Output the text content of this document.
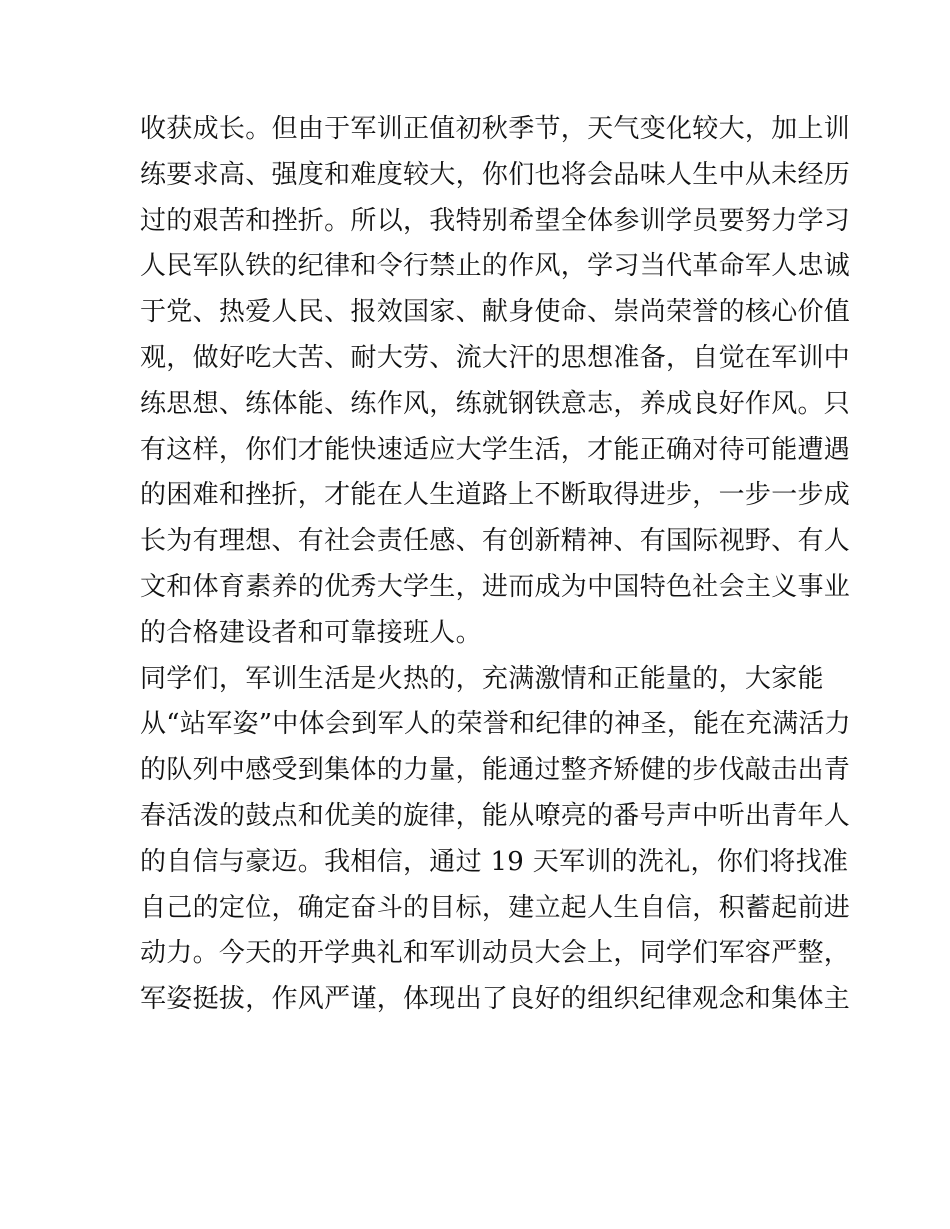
收获成长。但由于军训正值初秋季节，天气变化较大，加上训
练要求高、强度和难度较大，你们也将会品味人生中从未经历
过的艰苦和挫折。所以，我特别希望全体参训学员要努力学习
人民军队铁的纪律和令行禁止的作风，学习当代革命军人忠诚
于党、热爱人民、报效国家、献身使命、崇尚荣誉的核心价值
观，做好吃大苦、耐大劳、流大汗的思想准备，自觉在军训中
练思想、练体能、练作风，练就钢铁意志，养成良好作风。只
有这样，你们才能快速适应大学生活，才能正确对待可能遭遇
的困难和挫折，才能在人生道路上不断取得进步，一步一步成
长为有理想、有社会责任感、有创新精神、有国际视野、有人
文和体育素养的优秀大学生，进而成为中国特色社会主义事业
的合格建设者和可靠接班人。
同学们，军训生活是火热的，充满激情和正能量的，大家能
从“站军姿”中体会到军人的荣誉和纪律的神圣，能在充满活力
的队列中感受到集体的力量，能通过整齐矫健的步伐敲击出青
春活泼的鼓点和优美的旋律，能从嘹亮的番号声中听出青年人
的自信与豪迈。我相信，通过 19 天军训的洗礼，你们将找准
自己的定位，确定奋斗的目标，建立起人生自信，积蓄起前进
动力。今天的开学典礼和军训动员大会上，同学们军容严整，
军姿挺拔，作风严谨，体现出了良好的组织纪律观念和集体主
